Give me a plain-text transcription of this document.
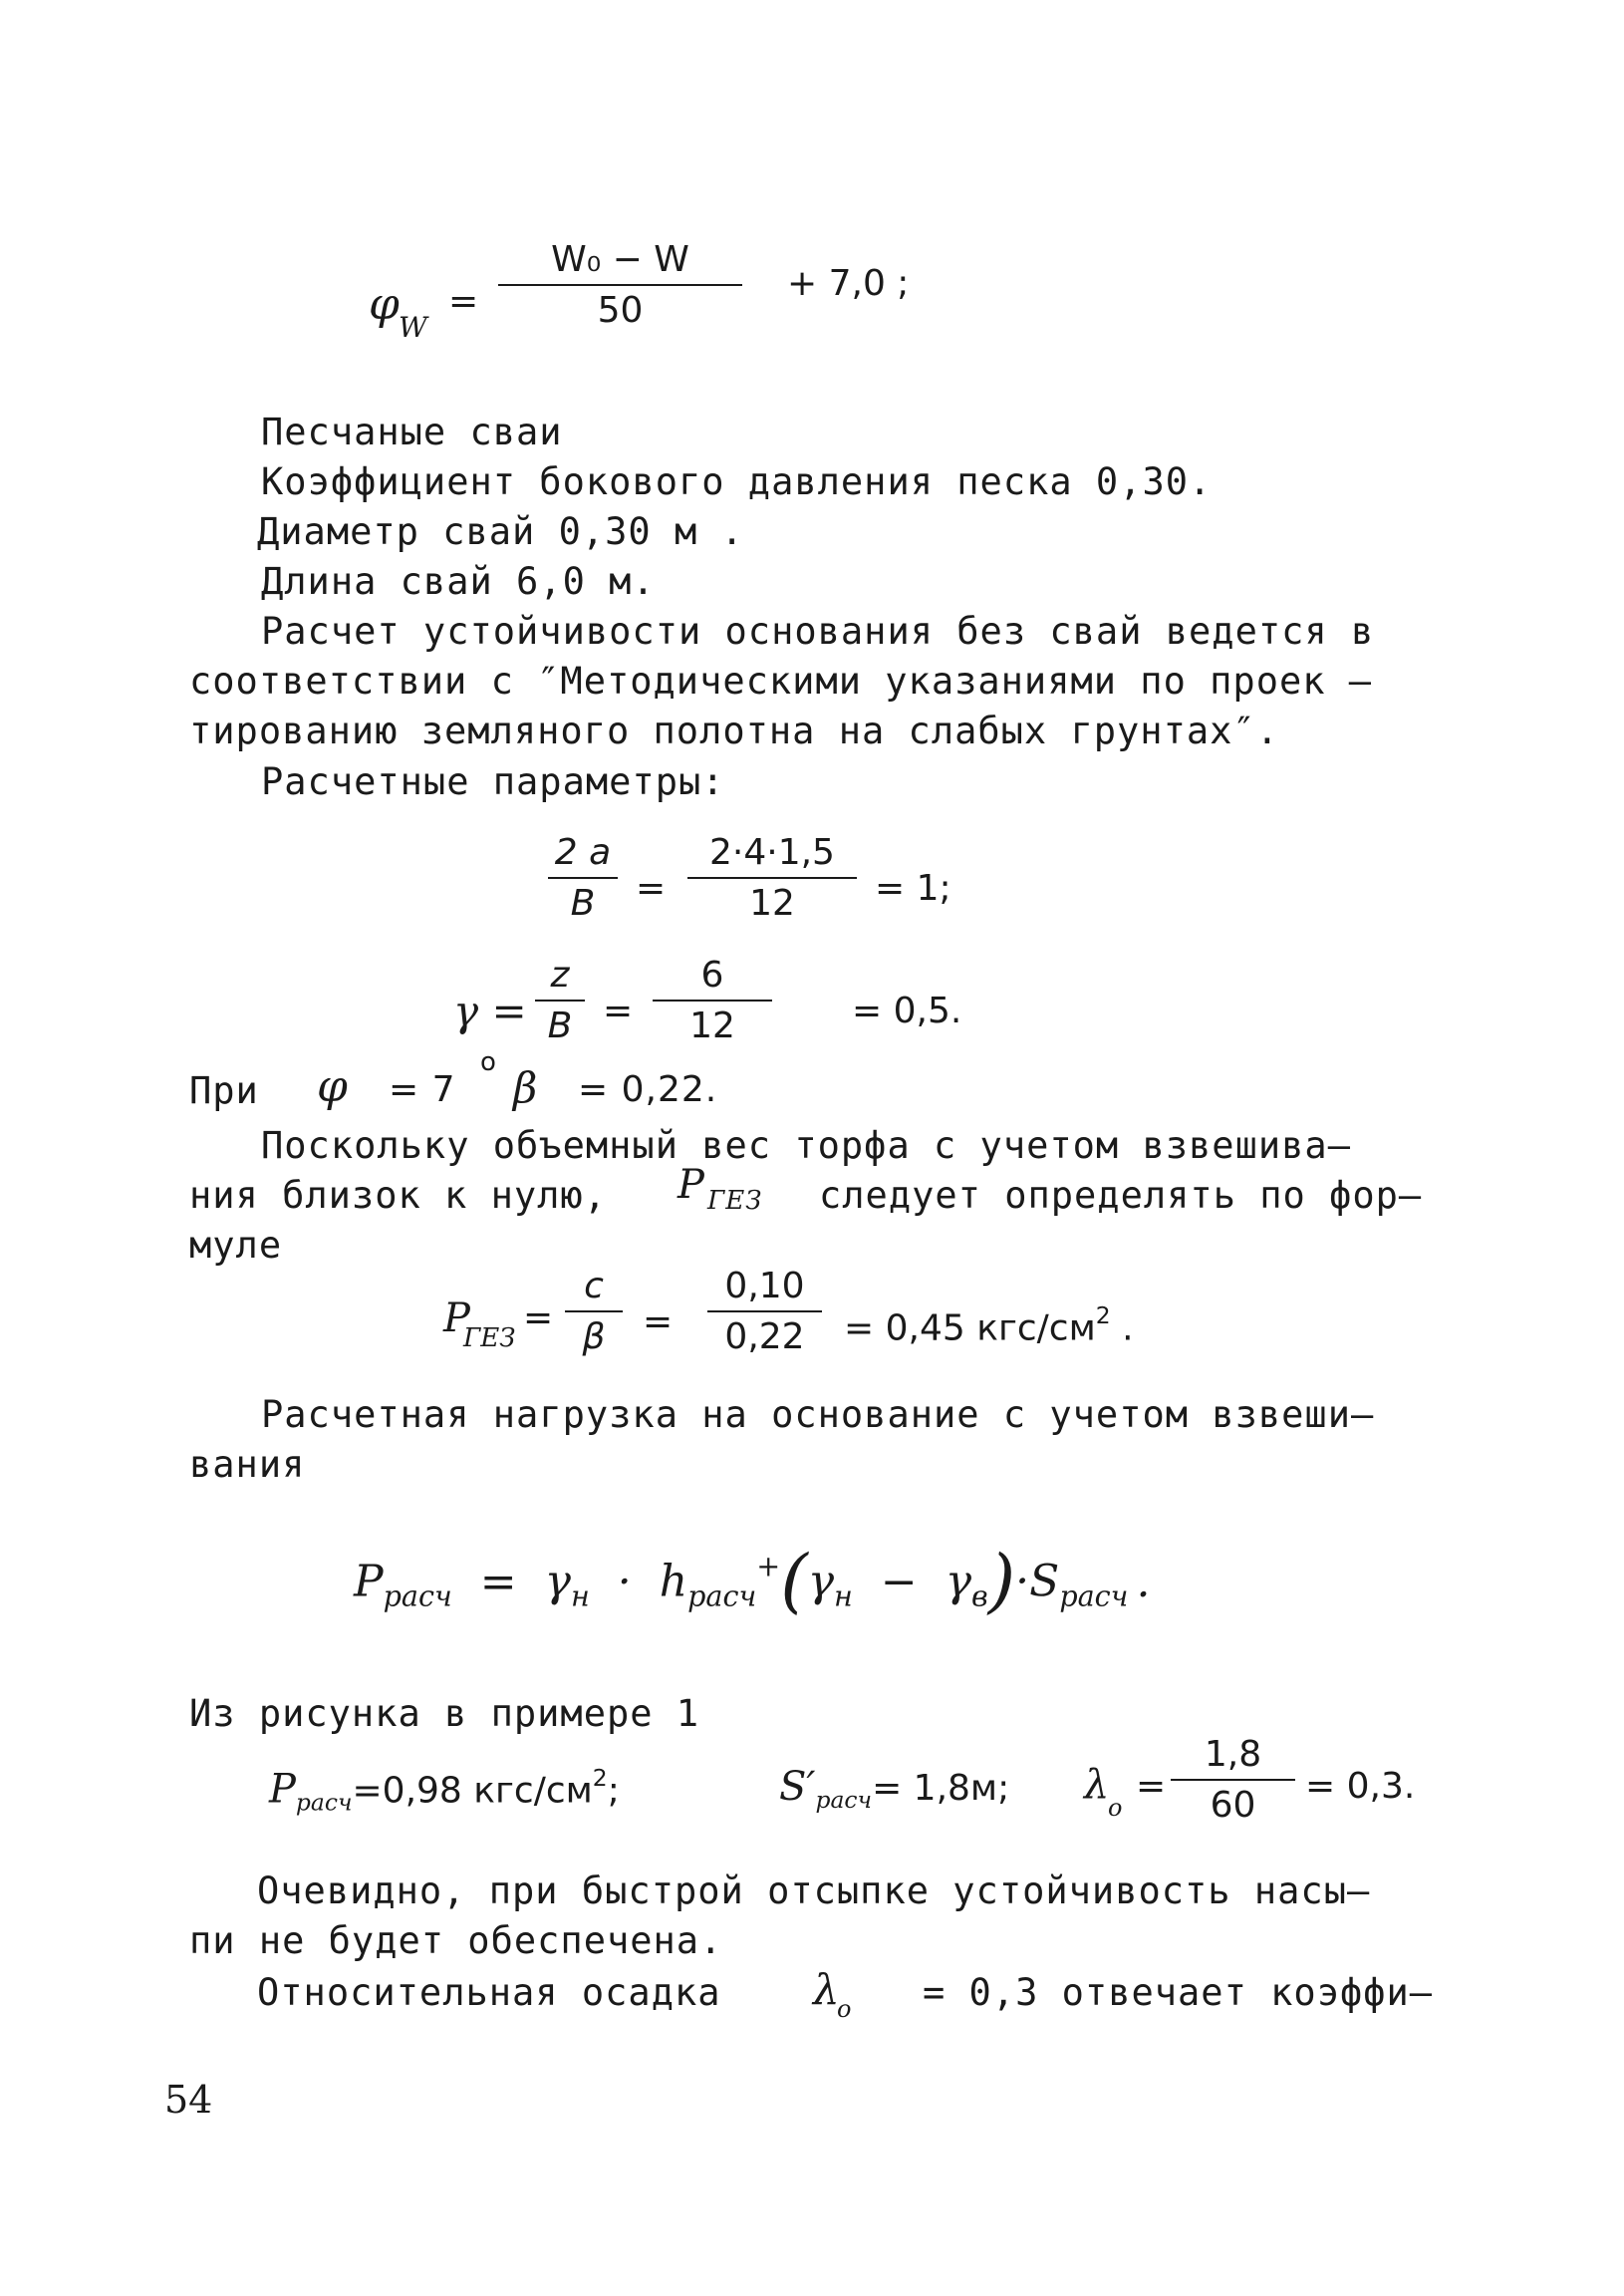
φ W
=
W₀ − W
50
+ 7,0 ;
Песчаные сваи
Коэффициент бокового давления песка 0,30.
Диаметр свай 0,30 м .
Длина свай 6,0 м.
Расчет устойчивости основания без свай ведется в
соответствии с ″Методическими указаниями по проек –
тированию земляного полотна на слабых грунтах″.
Расчетные параметры:
2 a
B	=
2·4·1,5
12	= 1;
γ =
z
B =
6
12	= 0,5.
При φ = 7
o
β = 0,22.
Поскольку объемный вес торфа с учетом взвешива–
ния близок к нулю, P ГЕЗ следует определять по фор–
муле
P
ГЕЗ =
c
β	=
0,10
0,22	= 0,45 кгс/$см^2$ .
Расчетная нагрузка на основание с учетом взвеши–
вания
$P_{расч} = \gamma_н \cdot h_{расч}^+(\gamma_н - \gamma_в)\cdot S_{расч}$ .
Из рисунка в примере 1
$P_{расч}=0,98$ кгс/$см^2$;	$S'_{расч}= 1,8м$; λ
o
=
1,8
60	= 0,3.
Очевидно, при быстрой отсыпке устойчивость насы–
пи не будет обеспечена.
Относительная осадка λ
o = 0,3 отвечает коэффи–
54
